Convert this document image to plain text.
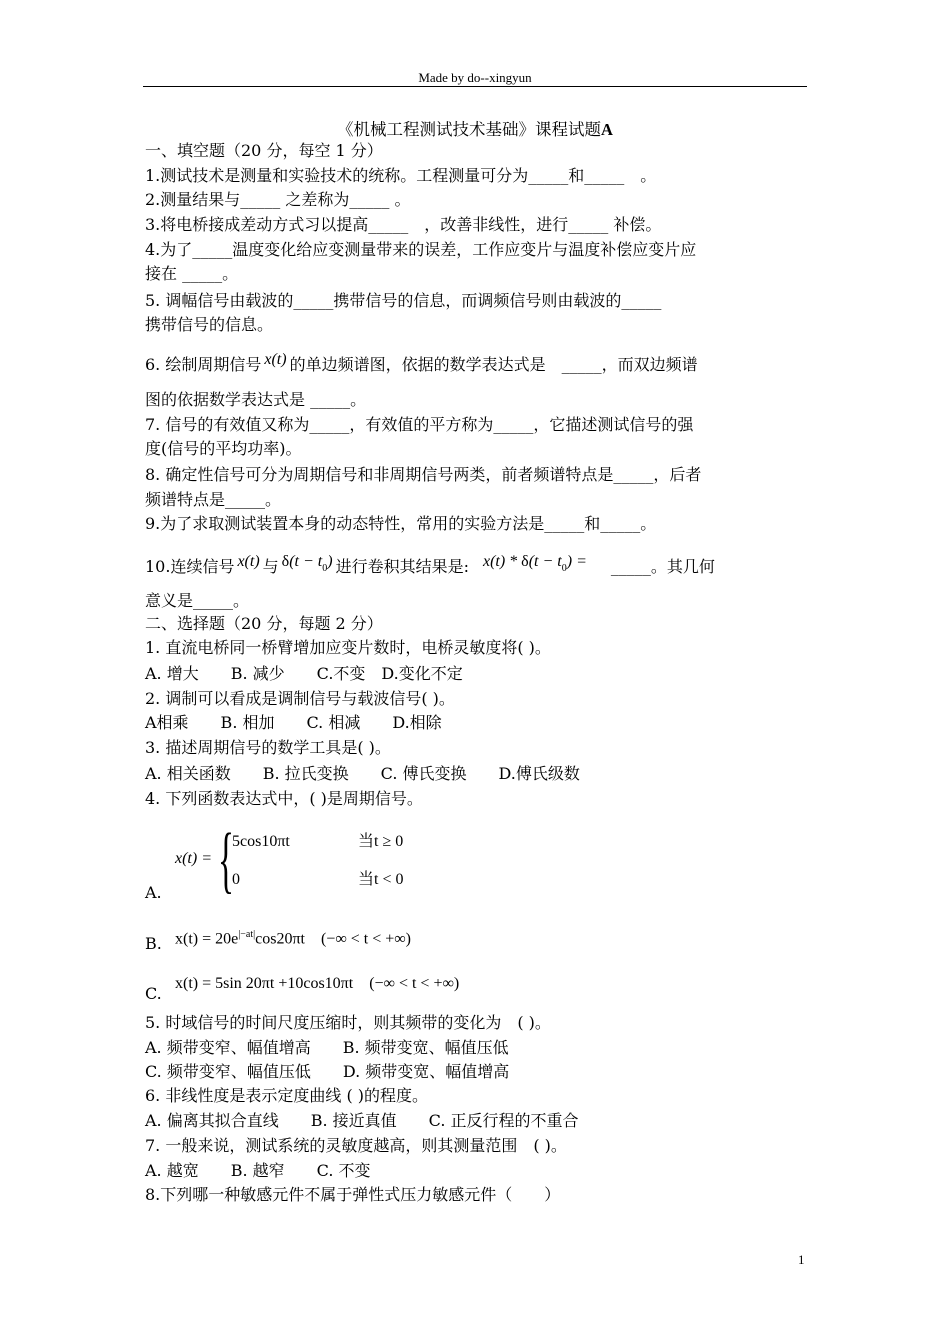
Made by do--xingyun
《机械工程测试技术基础》课程试题A
一、填空题（20 分，每空 1 分）
1.测试技术是测量和实验技术的统称。工程测量可分为_____和_____　。
2.测量结果与_____ 之差称为_____ 。
3.将电桥接成差动方式习以提高_____　，改善非线性，进行_____ 补偿。
4.为了_____温度变化给应变测量带来的误差，工作应变片与温度补偿应变片应
接在 _____。
5. 调幅信号由载波的_____携带信号的信息，而调频信号则由载波的_____
携带信号的信息。
6. 绘制周期信号 x(t) 的单边频谱图，依据的数学表达式是　_____，而双边频谱
图的依据数学表达式是 _____。
7. 信号的有效值又称为_____，有效值的平方称为_____，它描述测试信号的强
度(信号的平均功率)。
8. 确定性信号可分为周期信号和非周期信号两类，前者频谱特点是_____，后者
频谱特点是_____。
9.为了求取测试装置本身的动态特性，常用的实验方法是_____和_____。
10.连续信号 x(t) 与 $\delta(t - t_0)$ 进行卷积其结果是: $x(t) * \delta(t - t_0)$ = _____。其几何
意义是_____。
二、选择题（20 分，每题 2 分）
1. 直流电桥同一桥臂增加应变片数时，电桥灵敏度将( )。
A. 增大　　B. 减少　　C.不变　D.变化不定
2. 调制可以看成是调制信号与载波信号( )。
A相乘　　B. 相加　　C. 相减　　D.相除
3. 描述周期信号的数学工具是( )。
A. 相关函数　　B. 拉氏变换　　C. 傅氏变换　　D.傅氏级数
4. 下列函数表达式中，( )是周期信号。
x(t) = {
5cos10πt	当t ≥ 0
0	当t < 0
A.
$x(t) = 20e^{|-at|}\cos 20\pi t$　(−∞ < t < +∞)
B.
x(t) = 5sin 20πt +10cos10πt　(−∞ < t < +∞)
C.
5. 时域信号的时间尺度压缩时，则其频带的变化为　( )。
A. 频带变窄、幅值增高　　B. 频带变宽、幅值压低
C. 频带变窄、幅值压低　　D. 频带变宽、幅值增高
6. 非线性度是表示定度曲线 ( )的程度。
A. 偏离其拟合直线　　B. 接近真值　　C. 正反行程的不重合
7. 一般来说，测试系统的灵敏度越高，则其测量范围　( )。
A. 越宽　　B. 越窄　　C. 不变
8.下列哪一种敏感元件不属于弹性式压力敏感元件（　　）
1
